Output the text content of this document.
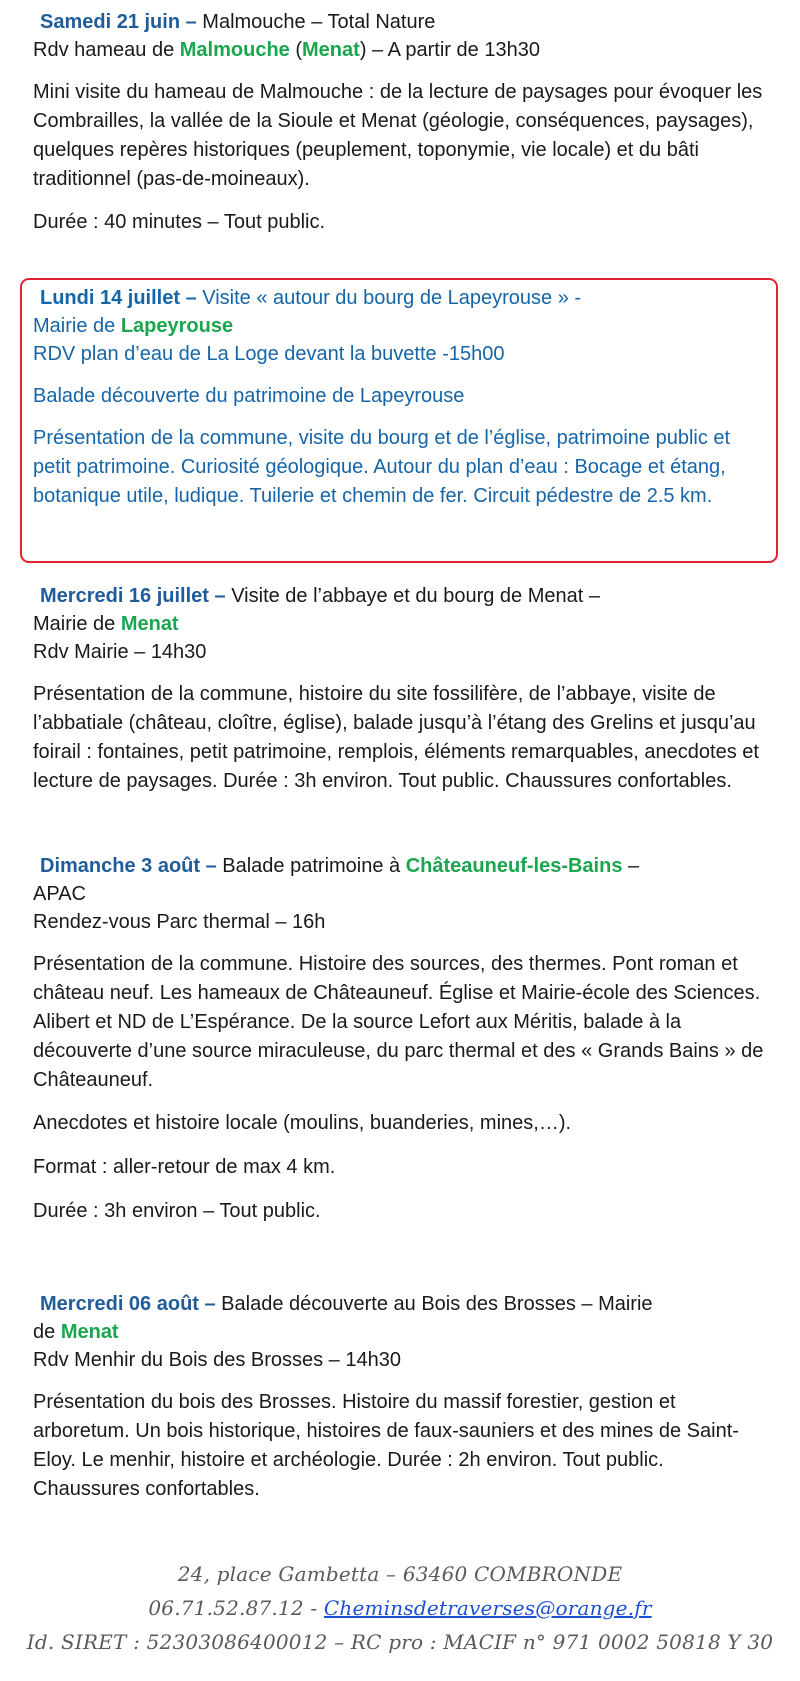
Samedi 21 juin – Malmouche – Total Nature

Rdv hameau de Malmouche (Menat) – A partir de 13h30

Mini visite du hameau de Malmouche : de la lecture de paysages pour évoquer les Combrailles, la vallée de la Sioule et Menat (géologie, conséquences, paysages), quelques repères historiques (peuplement, toponymie, vie locale) et du bâti traditionnel (pas-de-moineaux).

Durée : 40 minutes – Tout public.

Lundi 14 juillet – Visite « autour du bourg de Lapeyrouse » -

Mairie de Lapeyrouse

RDV plan d’eau de La Loge devant la buvette -15h00

Balade découverte du patrimoine de Lapeyrouse

Présentation de la commune, visite du bourg et de l’église, patrimoine public et petit patrimoine. Curiosité géologique. Autour du plan d’eau : Bocage et étang, botanique utile, ludique. Tuilerie et chemin de fer. Circuit pédestre de 2.5 km.

Mercredi 16 juillet – Visite de l’abbaye et du bourg de Menat –

Mairie de Menat

Rdv Mairie – 14h30

Présentation de la commune, histoire du site fossilifère, de l’abbaye, visite de l’abbatiale (château, cloître, église), balade jusqu’à l’étang des Grelins et jusqu’au foirail : fontaines, petit patrimoine, remplois, éléments remarquables, anecdotes et lecture de paysages. Durée : 3h environ. Tout public. Chaussures confortables.

Dimanche 3 août – Balade patrimoine à Châteauneuf-les-Bains –

APAC

Rendez-vous Parc thermal – 16h

Présentation de la commune. Histoire des sources, des thermes. Pont roman et château neuf. Les hameaux de Châteauneuf. Église et Mairie-école des Sciences. Alibert et ND de L’Espérance. De la source Lefort aux Méritis, balade à la découverte d’une source miraculeuse, du parc thermal et des « Grands Bains » de Châteauneuf.

Anecdotes et histoire locale (moulins, buanderies, mines,…).

Format : aller-retour de max 4 km.

Durée : 3h environ – Tout public.

Mercredi 06 août – Balade découverte au Bois des Brosses – Mairie

de Menat

Rdv Menhir du Bois des Brosses – 14h30

Présentation du bois des Brosses. Histoire du massif forestier, gestion et arboretum. Un bois historique, histoires de faux-sauniers et des mines de Saint-Eloy. Le menhir, histoire et archéologie. Durée : 2h environ. Tout public. Chaussures confortables.

24, place Gambetta – 63460 COMBRONDE
06.71.52.87.12 - Cheminsdetraverses@orange.fr
Id. SIRET : 52303086400012 – RC pro : MACIF n° 971 0002 50818 Y 30
